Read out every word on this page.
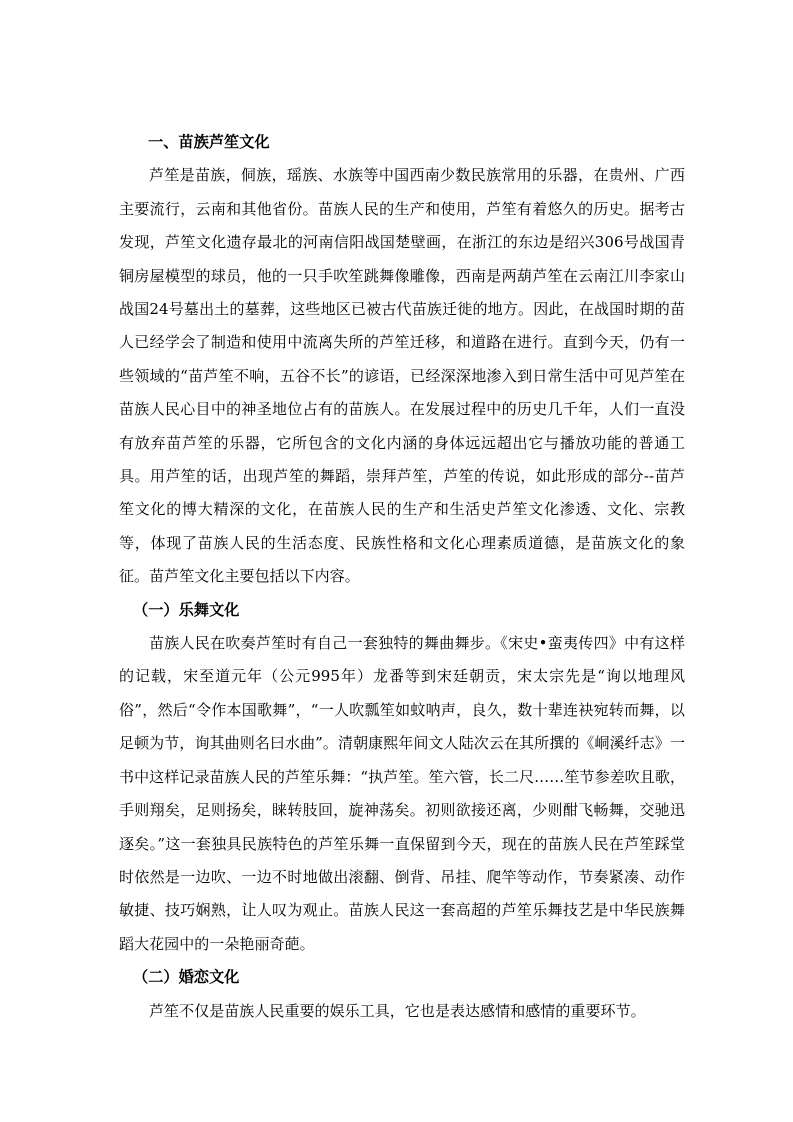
一、苗族芦笙文化

芦笙是苗族，侗族，瑶族、水族等中国西南少数民族常用的乐器，在贵州、广西主要流行，云南和其他省份。苗族人民的生产和使用，芦笙有着悠久的历史。据考古发现，芦笙文化遗存最北的河南信阳战国楚壁画，在浙江的东边是绍兴306号战国青铜房屋模型的球员，他的一只手吹笙跳舞像雕像，西南是两葫芦笙在云南江川李家山战国24号墓出土的墓葬，这些地区已被古代苗族迁徙的地方。因此，在战国时期的苗人已经学会了制造和使用中流离失所的芦笙迁移，和道路在进行。直到今天，仍有一些领域的“苗芦笙不响，五谷不长”的谚语，已经深深地渗入到日常生活中可见芦笙在苗族人民心目中的神圣地位占有的苗族人。在发展过程中的历史几千年，人们一直没有放弃苗芦笙的乐器，它所包含的文化内涵的身体远远超出它与播放功能的普通工具。用芦笙的话，出现芦笙的舞蹈，崇拜芦笙，芦笙的传说，如此形成的部分--苗芦笙文化的博大精深的文化，在苗族人民的生产和生活史芦笙文化渗透、文化、宗教等，体现了苗族人民的生活态度、民族性格和文化心理素质道德，是苗族文化的象征。苗芦笙文化主要包括以下内容。

（一）乐舞文化

苗族人民在吹奏芦笙时有自己一套独特的舞曲舞步。《宋史•蛮夷传四》中有这样的记载，宋至道元年（公元995年）龙番等到宋廷朝贡，宋太宗先是“询以地理风俗”，然后“令作本国歌舞”，“一人吹瓢笙如蚊呐声，良久，数十辈连袂宛转而舞，以足顿为节，询其曲则名曰水曲”。清朝康熙年间文人陆次云在其所撰的《峒溪纤志》一书中这样记录苗族人民的芦笙乐舞：“执芦笙。笙六管，长二尺……笙节参差吹且歌，手则翔矣，足则扬矣，睐转肢回，旋神荡矣。初则欲接还离，少则酣飞畅舞，交驰迅逐矣。”这一套独具民族特色的芦笙乐舞一直保留到今天，现在的苗族人民在芦笙踩堂时依然是一边吹、一边不时地做出滚翻、倒背、吊挂、爬竿等动作，节奏紧凑、动作敏捷、技巧娴熟，让人叹为观止。苗族人民这一套高超的芦笙乐舞技艺是中华民族舞蹈大花园中的一朵艳丽奇葩。

（二）婚恋文化

芦笙不仅是苗族人民重要的娱乐工具，它也是表达感情和感情的重要环节。
